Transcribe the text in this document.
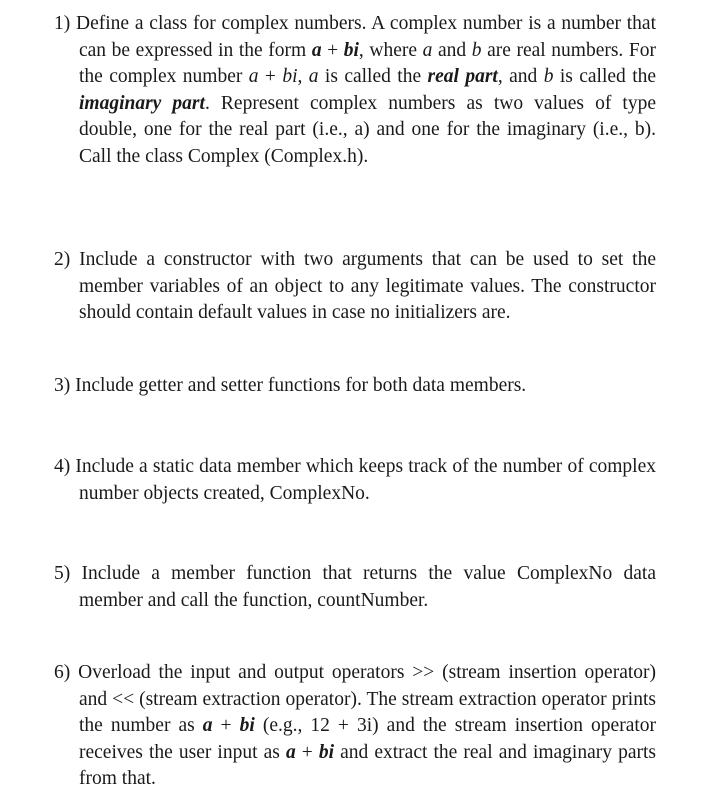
1) Define a class for complex numbers. A complex number is a number that can be expressed in the form a + bi, where a and b are real numbers. For the complex number a + bi, a is called the real part, and b is called the imaginary part. Represent complex numbers as two values of type double, one for the real part (i.e., a) and one for the imaginary (i.e., b). Call the class Complex (Complex.h).

2) Include a constructor with two arguments that can be used to set the member variables of an object to any legitimate values. The constructor should contain default values in case no initializers are.

3) Include getter and setter functions for both data members.

4) Include a static data member which keeps track of the number of complex number objects created, ComplexNo.

5) Include a member function that returns the value ComplexNo data member and call the function, countNumber.

6) Overload the input and output operators >> (stream insertion operator) and << (stream extraction operator). The stream extraction operator prints the number as a + bi (e.g., 12 + 3i) and the stream insertion operator receives the user input as a + bi and extract the real and imaginary parts from that.
